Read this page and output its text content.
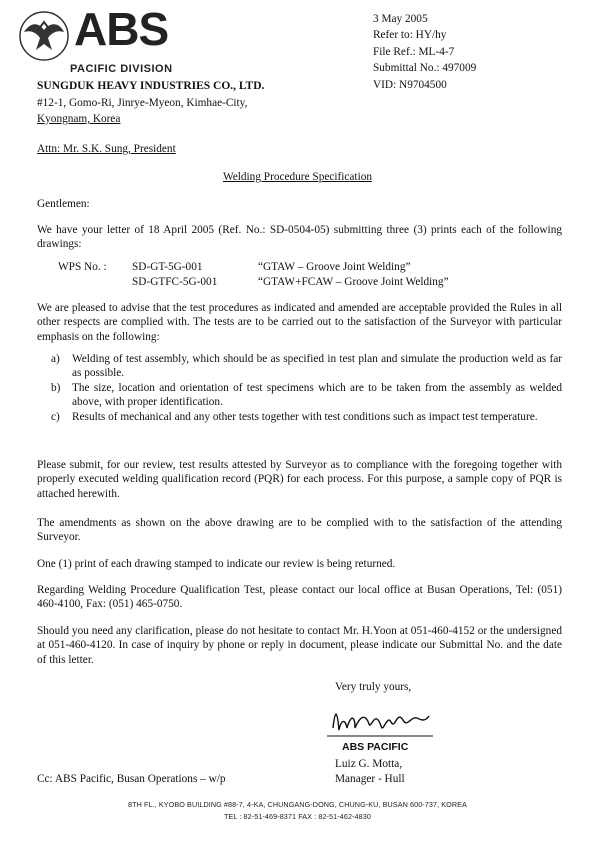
ABS
PACIFIC DIVISION
SUNGDUK HEAVY INDUSTRIES CO., LTD.
#12-1, Gomo-Ri, Jinrye-Myeon, Kimhae-City,
Kyongnam, Korea
3 May 2005
Refer to: HY/hy
File Ref.: ML-4-7
Submittal No.: 497009
VID: N9704500
Attn: Mr. S.K. Sung, President
Welding Procedure Specification
Gentlemen:
We have your letter of 18 April 2005 (Ref. No.: SD-0504-05) submitting three (3) prints each of the following drawings:
WPS No. :	SD-GT-5G-001	“GTAW – Groove Joint Welding”
SD-GTFC-5G-001	“GTAW+FCAW – Groove Joint Welding”
We are pleased to advise that the test procedures as indicated and amended are acceptable provided the Rules in all other respects are complied with. The tests are to be carried out to the satisfaction of the Surveyor with particular emphasis on the following:
a)	Welding of test assembly, which should be as specified in test plan and simulate the production weld as far as possible.
b)	The size, location and orientation of test specimens which are to be taken from the assembly as welded above, with proper identification.
c)	Results of mechanical and any other tests together with test conditions such as impact test temperature.
Please submit, for our review, test results attested by Surveyor as to compliance with the foregoing together with properly executed welding qualification record (PQR) for each process. For this purpose, a sample copy of PQR is attached herewith.
The amendments as shown on the above drawing are to be complied with to the satisfaction of the attending Surveyor.
One (1) print of each drawing stamped to indicate our review is being returned.
Regarding Welding Procedure Qualification Test, please contact our local office at Busan Operations, Tel: (051) 460-4100, Fax: (051) 465-0750.
Should you need any clarification, please do not hesitate to contact Mr. H.Yoon at 051-460-4152 or the undersigned at 051-460-4120. In case of inquiry by phone or reply in document, please indicate our Submittal No. and the date of this letter.
Very truly yours,
ABS PACIFIC
Luiz G. Motta,
Manager - Hull
Cc: ABS Pacific, Busan Operations – w/p
8TH FL., KYOBO BUILDING #88-7, 4-KA, CHUNGANG-DONG, CHUNG-KU, BUSAN 600-737, KOREA
TEL : 82-51-469-8371 FAX : 82-51-462-4830
